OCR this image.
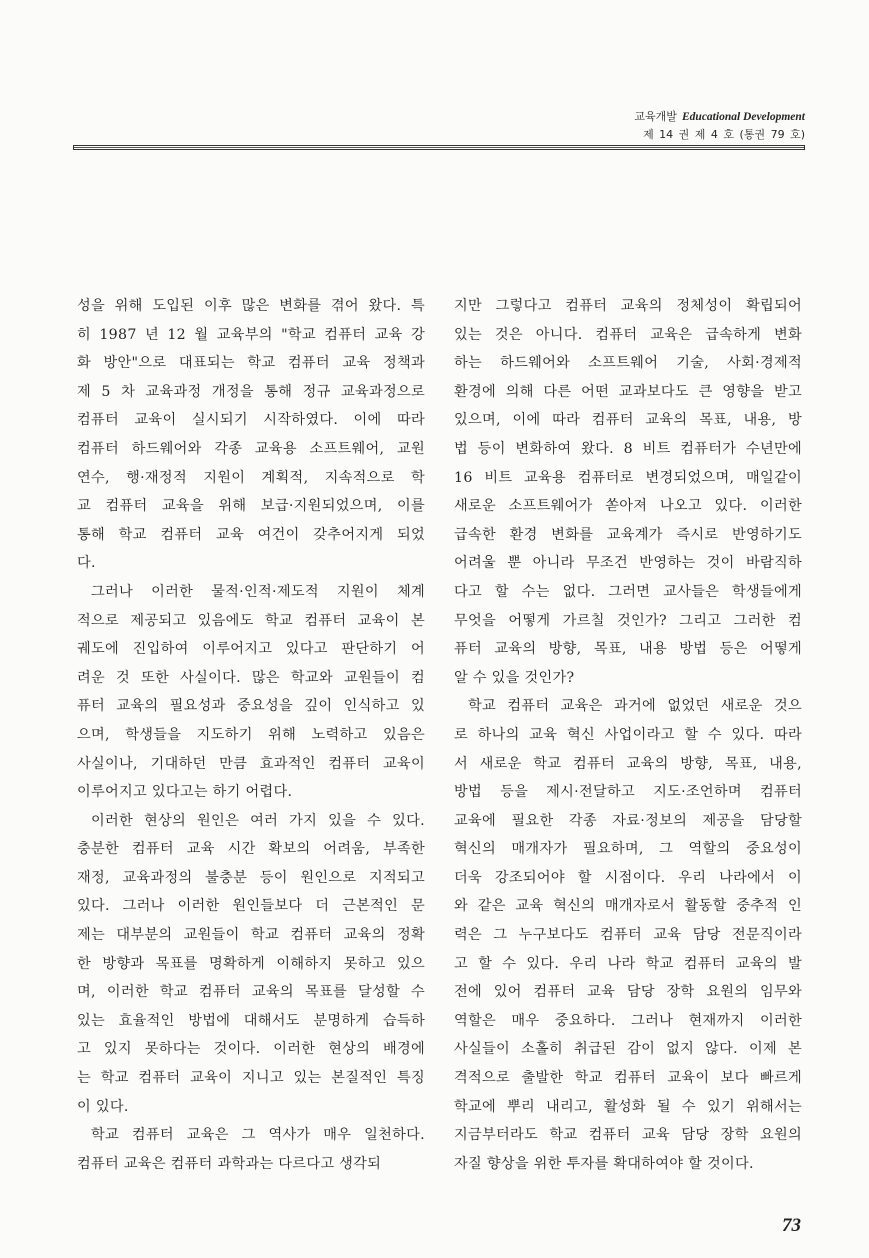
교육개발 Educational Development
제 14 권 제 4 호 (통권 79 호)
성을 위해 도입된 이후 많은 변화를 겪어 왔다. 특
히 1987 년 12 월 교육부의 "학교 컴퓨터 교육 강
화 방안"으로 대표되는 학교 컴퓨터 교육 정책과
제 5 차 교육과정 개정을 통해 정규 교육과정으로
컴퓨터 교육이 실시되기 시작하였다. 이에 따라
컴퓨터 하드웨어와 각종 교육용 소프트웨어, 교원
연수, 행·재정적 지원이 계획적, 지속적으로 학
교 컴퓨터 교육을 위해 보급·지원되었으며, 이를
통해 학교 컴퓨터 교육 여건이 갖추어지게 되었
다.
그러나 이러한 물적·인적·제도적 지원이 체계
적으로 제공되고 있음에도 학교 컴퓨터 교육이 본
궤도에 진입하여 이루어지고 있다고 판단하기 어
려운 것 또한 사실이다. 많은 학교와 교원들이 컴
퓨터 교육의 필요성과 중요성을 깊이 인식하고 있
으며, 학생들을 지도하기 위해 노력하고 있음은
사실이나, 기대하던 만큼 효과적인 컴퓨터 교육이
이루어지고 있다고는 하기 어렵다.
이러한 현상의 원인은 여러 가지 있을 수 있다.
충분한 컴퓨터 교육 시간 확보의 어려움, 부족한
재정, 교육과정의 불충분 등이 원인으로 지적되고
있다. 그러나 이러한 원인들보다 더 근본적인 문
제는 대부분의 교원들이 학교 컴퓨터 교육의 정확
한 방향과 목표를 명확하게 이해하지 못하고 있으
며, 이러한 학교 컴퓨터 교육의 목표를 달성할 수
있는 효율적인 방법에 대해서도 분명하게 습득하
고 있지 못하다는 것이다. 이러한 현상의 배경에
는 학교 컴퓨터 교육이 지니고 있는 본질적인 특징
이 있다.
학교 컴퓨터 교육은 그 역사가 매우 일천하다.
컴퓨터 교육은 컴퓨터 과학과는 다르다고 생각되
지만 그렇다고 컴퓨터 교육의 정체성이 확립되어
있는 것은 아니다. 컴퓨터 교육은 급속하게 변화
하는 하드웨어와 소프트웨어 기술, 사회·경제적
환경에 의해 다른 어떤 교과보다도 큰 영향을 받고
있으며, 이에 따라 컴퓨터 교육의 목표, 내용, 방
법 등이 변화하여 왔다. 8 비트 컴퓨터가 수년만에
16 비트 교육용 컴퓨터로 변경되었으며, 매일같이
새로운 소프트웨어가 쏟아져 나오고 있다. 이러한
급속한 환경 변화를 교육계가 즉시로 반영하기도
어려울 뿐 아니라 무조건 반영하는 것이 바람직하
다고 할 수는 없다. 그러면 교사들은 학생들에게
무엇을 어떻게 가르칠 것인가? 그리고 그러한 컴
퓨터 교육의 방향, 목표, 내용 방법 등은 어떻게
알 수 있을 것인가?
학교 컴퓨터 교육은 과거에 없었던 새로운 것으
로 하나의 교육 혁신 사업이라고 할 수 있다. 따라
서 새로운 학교 컴퓨터 교육의 방향, 목표, 내용,
방법 등을 제시·전달하고 지도·조언하며 컴퓨터
교육에 필요한 각종 자료·정보의 제공을 담당할
혁신의 매개자가 필요하며, 그 역할의 중요성이
더욱 강조되어야 할 시점이다. 우리 나라에서 이
와 같은 교육 혁신의 매개자로서 활동할 중추적 인
력은 그 누구보다도 컴퓨터 교육 담당 전문직이라
고 할 수 있다. 우리 나라 학교 컴퓨터 교육의 발
전에 있어 컴퓨터 교육 담당 장학 요원의 임무와
역할은 매우 중요하다. 그러나 현재까지 이러한
사실들이 소홀히 취급된 감이 없지 않다. 이제 본
격적으로 출발한 학교 컴퓨터 교육이 보다 빠르게
학교에 뿌리 내리고, 활성화 될 수 있기 위해서는
지금부터라도 학교 컴퓨터 교육 담당 장학 요원의
자질 향상을 위한 투자를 확대하여야 할 것이다.
73
